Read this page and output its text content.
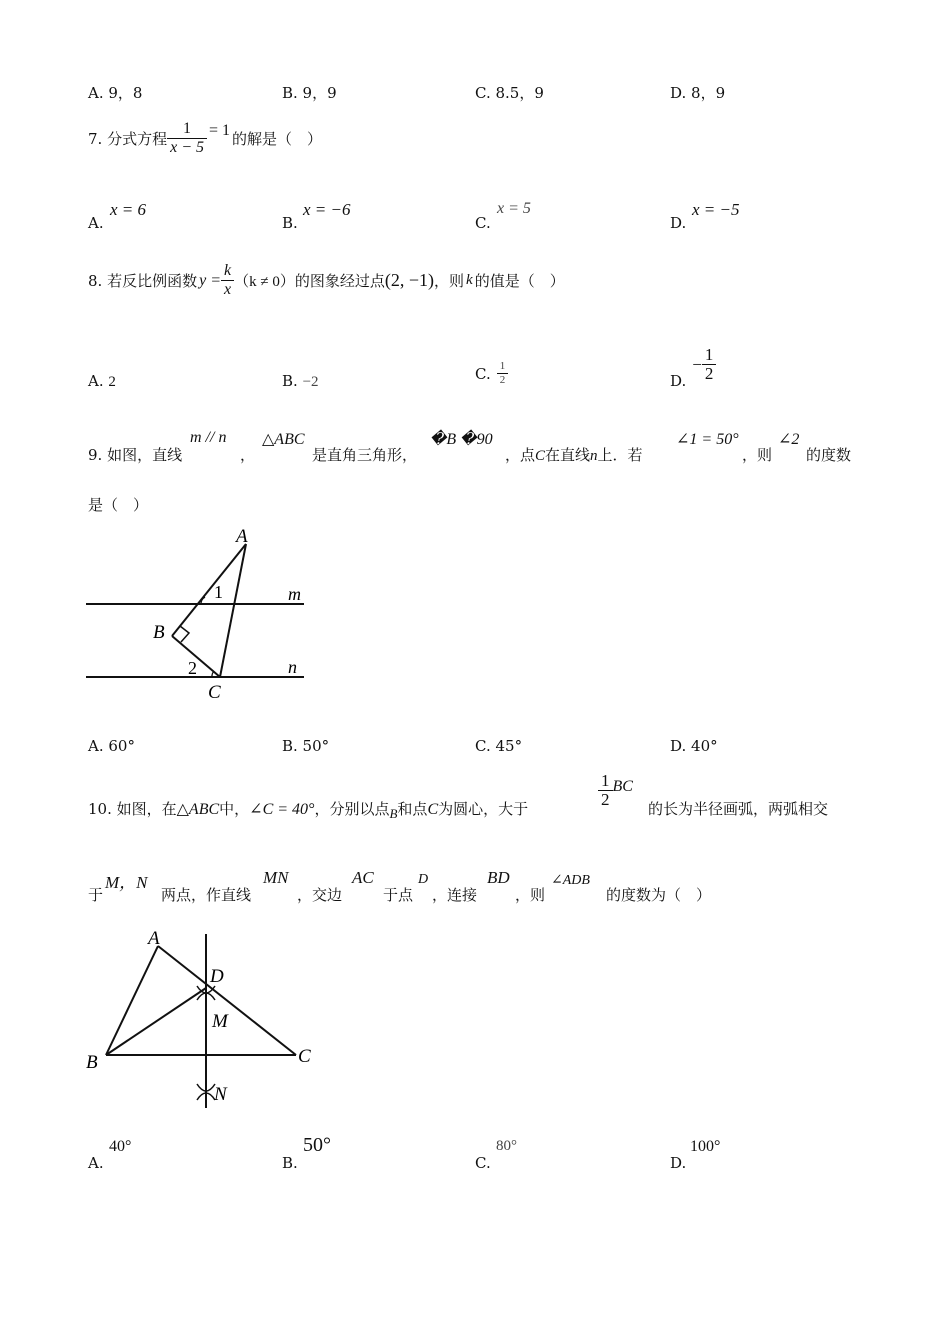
A. 9，8	B. 9，9	C. 8.5，9	D. 8，9
7. 分式方程 $\frac{1}{x - 5} = 1$ 的解是（　）
A.
x = 6
B.
x = −6
C.
x = 5
D.
x = −5
8. 若反比例函数 $y = \frac{k}{x} (k \ne 0)$ 的图象经过点 (2, −1) ，则 k 的值是（　）
A. 2	B. −2	C. $\frac{1}{2}$	D.
− $\frac{1}{2}$
9. 如图，直线
m // n
，
△ABC
是直角三角形，
�B �90
，点C在直线n上．若
∠1 = 50°
，则
∠2
的度数
是（　）
A
B
C
m
n
1
2
A. 60°	B. 50°	C. 45°	D. 40°
10. 如图，在△ABC中，∠C = 40°，分别以点B和点C为圆心，大于	$\frac{1}{2}$ BC
的长为半径画弧，两弧相交
于
M，N
两点，作直线
MN
，交边
AC
于点
D
，连接
BD
，则
∠ADB
的度数为（　）
A
B	C
D
M
N
A.
40°
B.
50°
C.
80°
D.
100°
